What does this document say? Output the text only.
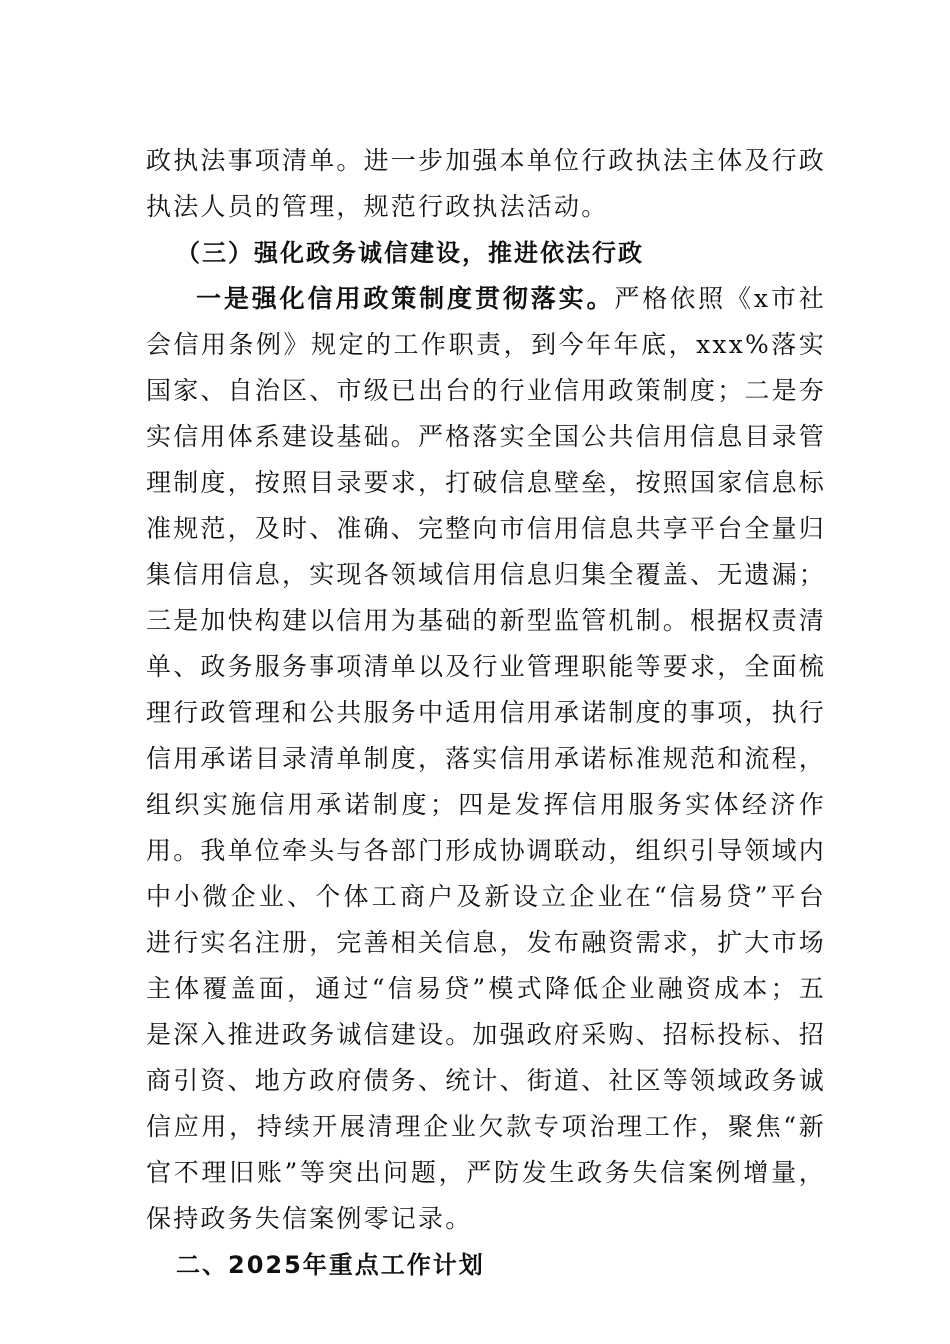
政执法事项清单。进一步加强本单位行政执法主体及行政执法人员的管理，规范行政执法活动。

（三）强化政务诚信建设，推进依法行政

一是强化信用政策制度贯彻落实。严格依照《x市社会信用条例》规定的工作职责，到今年年底，xxx%落实国家、自治区、市级已出台的行业信用政策制度；二是夯实信用体系建设基础。严格落实全国公共信用信息目录管理制度，按照目录要求，打破信息壁垒，按照国家信息标准规范，及时、准确、完整向市信用信息共享平台全量归集信用信息，实现各领域信用信息归集全覆盖、无遗漏；三是加快构建以信用为基础的新型监管机制。根据权责清单、政务服务事项清单以及行业管理职能等要求，全面梳理行政管理和公共服务中适用信用承诺制度的事项，执行信用承诺目录清单制度，落实信用承诺标准规范和流程，组织实施信用承诺制度；四是发挥信用服务实体经济作用。我单位牵头与各部门形成协调联动，组织引导领域内中小微企业、个体工商户及新设立企业在“信易贷”平台进行实名注册，完善相关信息，发布融资需求，扩大市场主体覆盖面，通过“信易贷”模式降低企业融资成本；五是深入推进政务诚信建设。加强政府采购、招标投标、招商引资、地方政府债务、统计、街道、社区等领域政务诚信应用，持续开展清理企业欠款专项治理工作，聚焦“新官不理旧账”等突出问题，严防发生政务失信案例增量，保持政务失信案例零记录。

二、2025年重点工作计划
